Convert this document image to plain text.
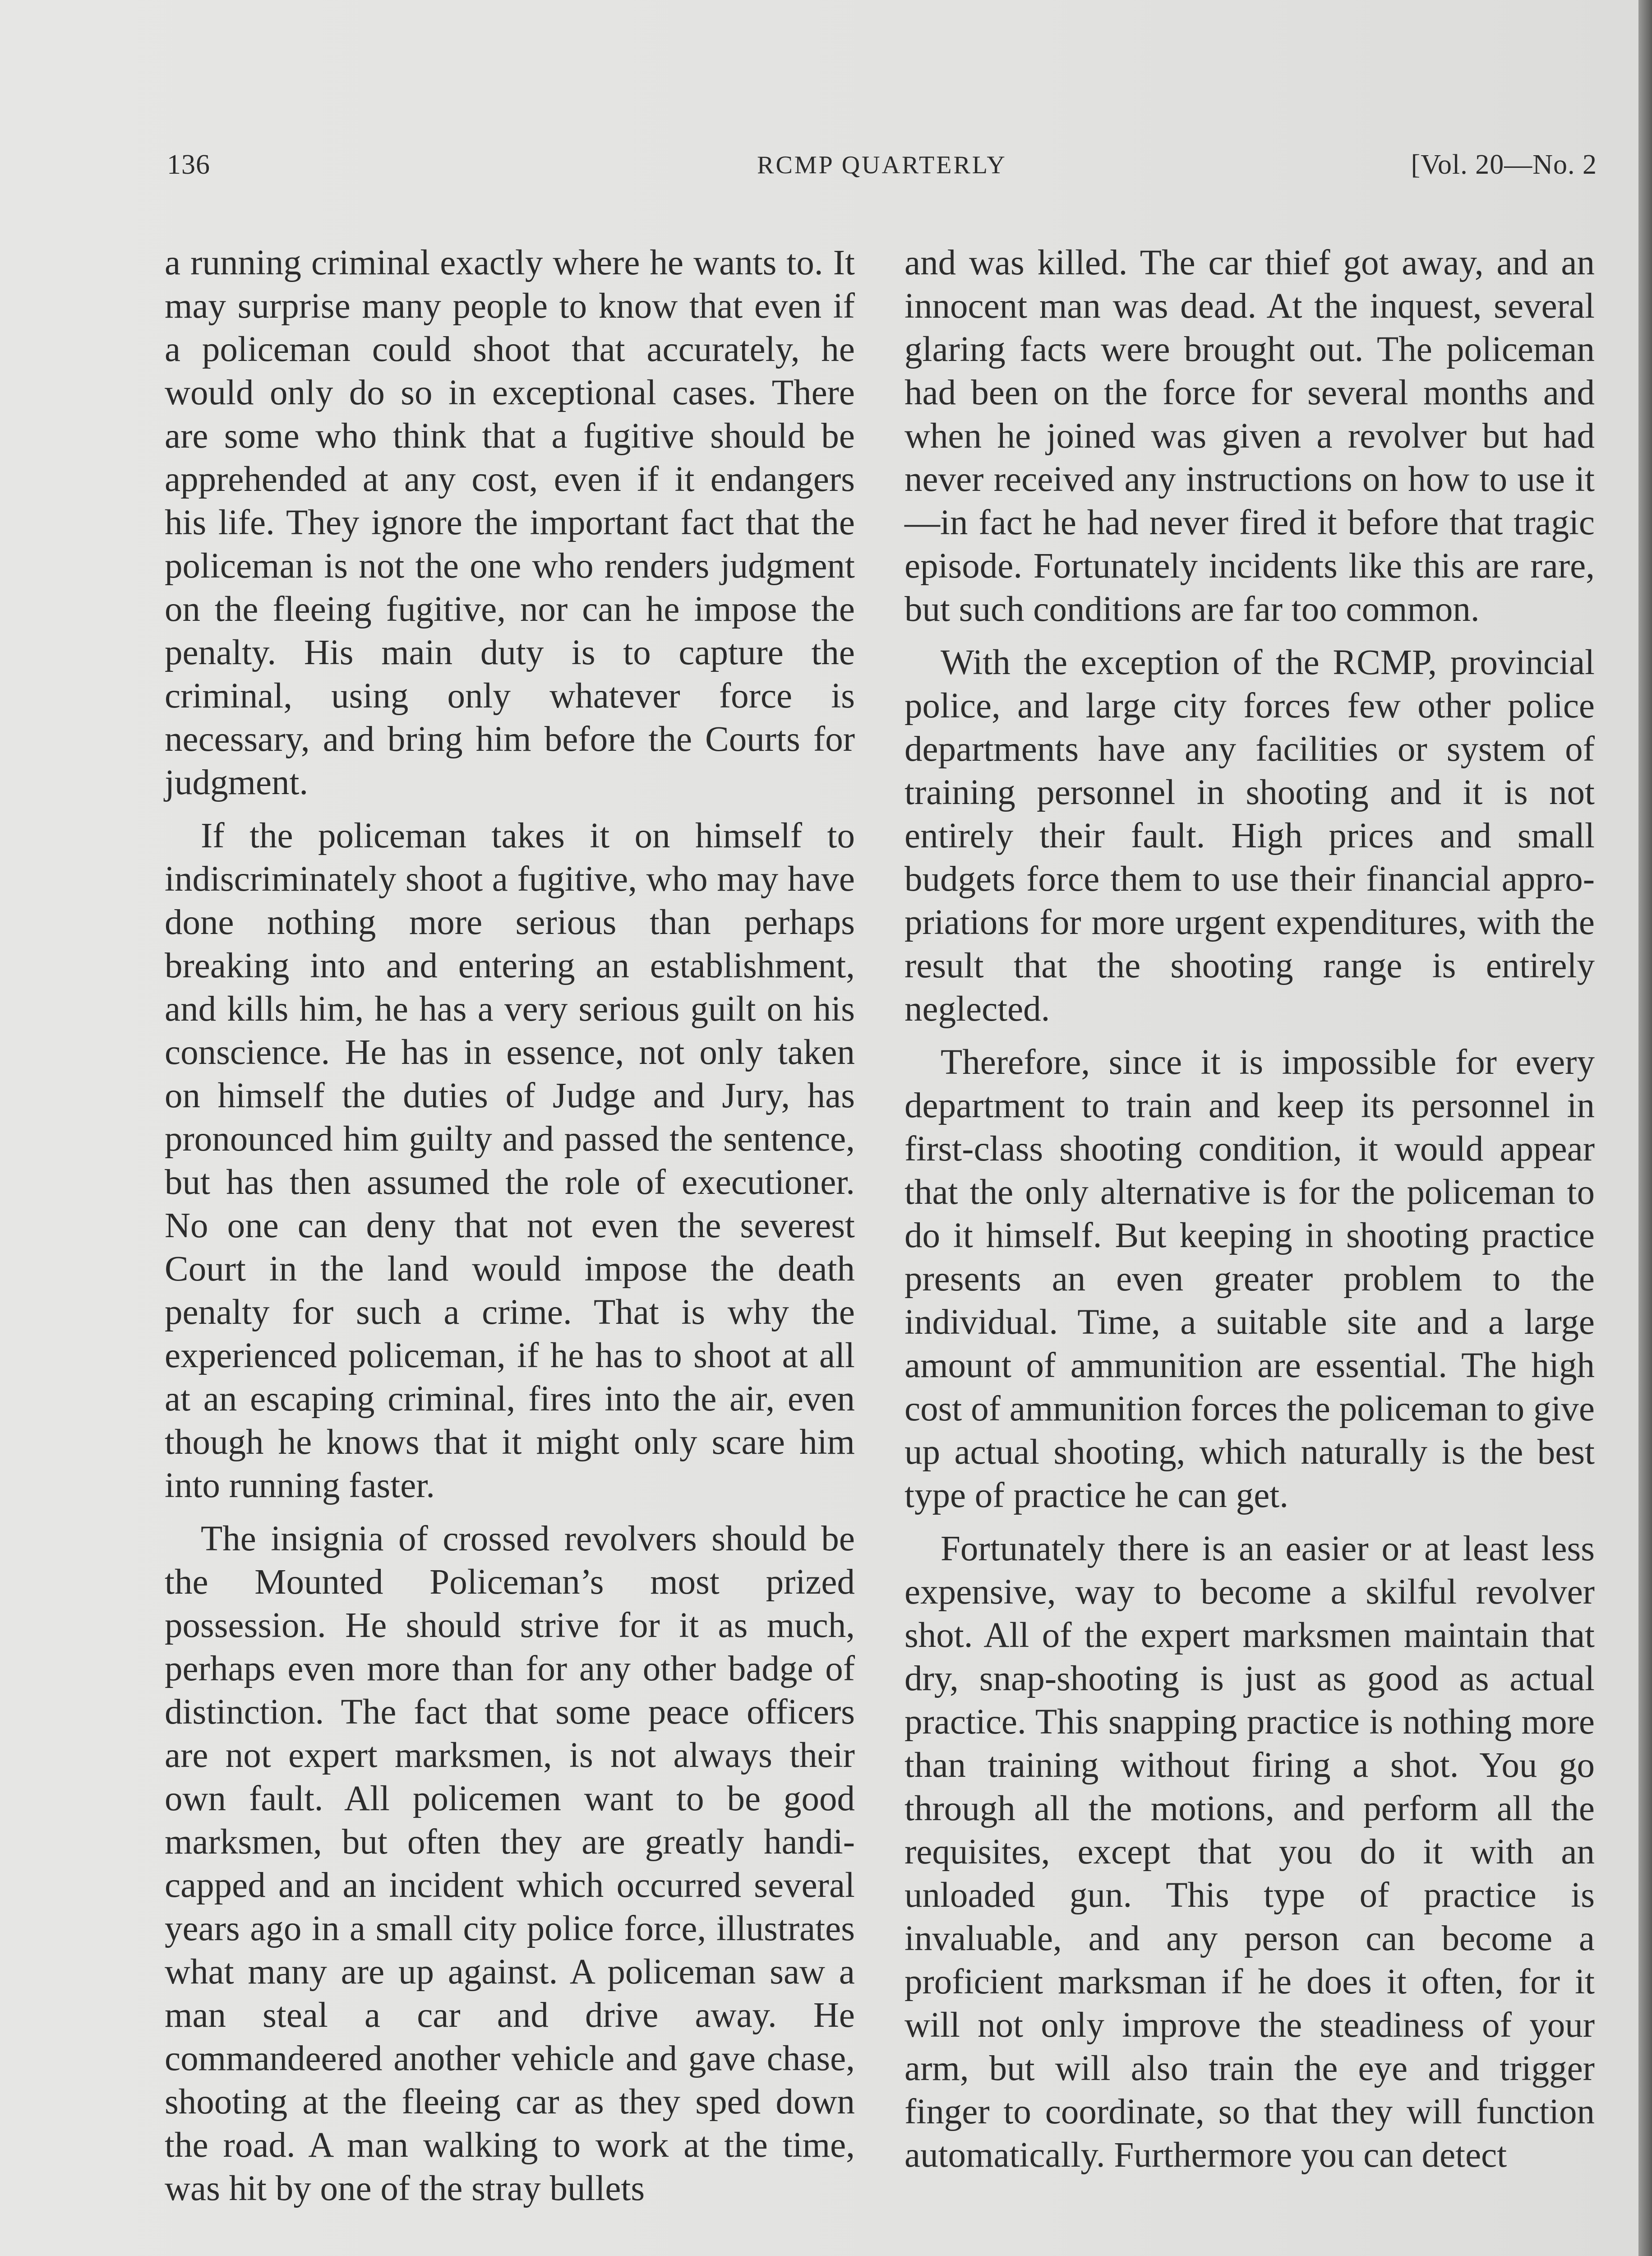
136	RCMP QUARTERLY	[Vol. 20—No. 2

a running criminal exactly where he wants to. It may surprise many people to know that even if a policeman could shoot that accurately, he would only do so in exceptional cases. There are some who think that a fugitive should be apprehended at any cost, even if it endangers his life. They ignore the important fact that the policeman is not the one who renders judgment on the fleeing fugitive, nor can he impose the penalty. His main duty is to capture the criminal, using only whatever force is necessary, and bring him before the Courts for judgment.

If the policeman takes it on himself to indiscriminately shoot a fugitive, who may have done nothing more serious than perhaps breaking into and entering an establishment, and kills him, he has a very serious guilt on his conscience. He has in essence, not only taken on himself the duties of Judge and Jury, has pronounced him guilty and passed the sentence, but has then assumed the role of executioner. No one can deny that not even the severest Court in the land would impose the death penalty for such a crime. That is why the experienced policeman, if he has to shoot at all at an escaping criminal, fires into the air, even though he knows that it might only scare him into running faster.

The insignia of crossed revolvers should be the Mounted Policeman’s most prized possession. He should strive for it as much, perhaps even more than for any other badge of distinction. The fact that some peace officers are not expert marksmen, is not always their own fault. All policemen want to be good marksmen, but often they are greatly handicapped and an incident which occurred several years ago in a small city police force, illustrates what many are up against. A policeman saw a man steal a car and drive away. He commandeered another vehicle and gave chase, shooting at the fleeing car as they sped down the road. A man walking to work at the time, was hit by one of the stray bullets

and was killed. The car thief got away, and an innocent man was dead. At the inquest, several glaring facts were brought out. The policeman had been on the force for several months and when he joined was given a revolver but had never received any instructions on how to use it—in fact he had never fired it before that tragic episode. Fortunately incidents like this are rare, but such conditions are far too common.

With the exception of the RCMP, provincial police, and large city forces few other police departments have any facilities or system of training personnel in shooting and it is not entirely their fault. High prices and small budgets force them to use their financial appropriations for more urgent expenditures, with the result that the shooting range is entirely neglected.

Therefore, since it is impossible for every department to train and keep its personnel in first-class shooting condition, it would appear that the only alternative is for the policeman to do it himself. But keeping in shooting practice presents an even greater problem to the individual. Time, a suitable site and a large amount of ammunition are essential. The high cost of ammunition forces the policeman to give up actual shooting, which naturally is the best type of practice he can get.

Fortunately there is an easier or at least less expensive, way to become a skilful revolver shot. All of the expert marksmen maintain that dry, snap-shooting is just as good as actual practice. This snapping practice is nothing more than training without firing a shot. You go through all the motions, and perform all the requisites, except that you do it with an unloaded gun. This type of practice is invaluable, and any person can become a proficient marksman if he does it often, for it will not only improve the steadiness of your arm, but will also train the eye and trigger finger to coordinate, so that they will function automatically. Furthermore you can detect
